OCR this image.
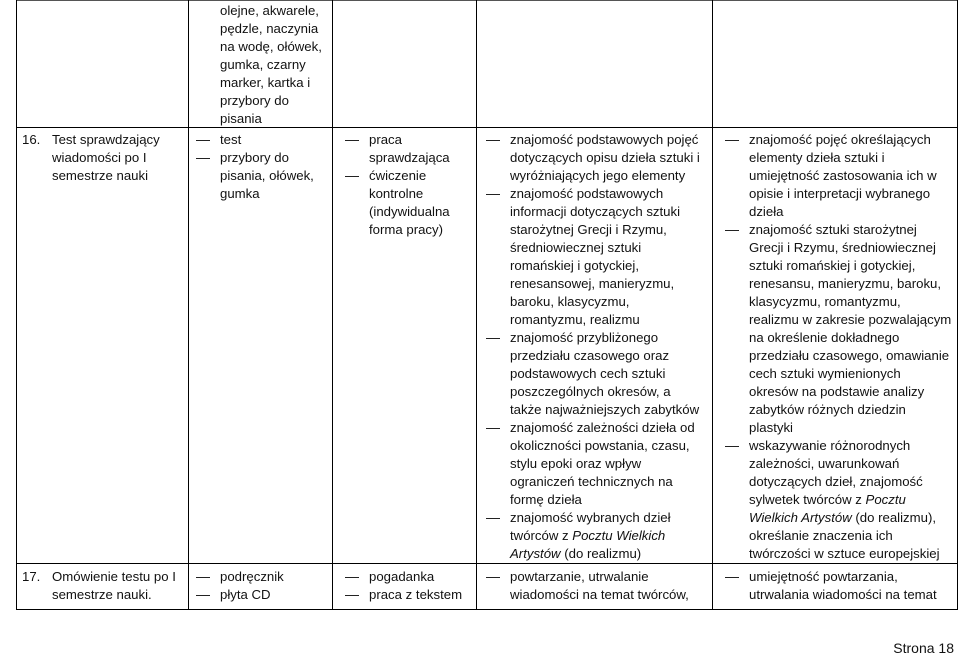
olejne, akwarele, pędzle, naczynia na wodę, ołówek, gumka, czarny marker, kartka i przybory do pisania

16. Test sprawdzający wiadomości po I semestrze nauki
test
przybory do pisania, ołówek, gumka
praca sprawdzająca
ćwiczenie kontrolne (indywidualna forma pracy)
znajomość podstawowych pojęć dotyczących opisu dzieła sztuki i wyróżniających jego elementy
znajomość podstawowych informacji dotyczących sztuki starożytnej Grecji i Rzymu, średniowiecznej sztuki romańskiej i gotyckiej, renesansowej, manieryzmu, baroku, klasycyzmu, romantyzmu, realizmu
znajomość przybliżonego przedziału czasowego oraz podstawowych cech sztuki poszczególnych okresów, a także najważniejszych zabytków
znajomość zależności dzieła od okoliczności powstania, czasu, stylu epoki oraz wpływ ograniczeń technicznych na formę dzieła
znajomość wybranych dzieł twórców z Pocztu Wielkich Artystów (do realizmu)
znajomość pojęć określających elementy dzieła sztuki i umiejętność zastosowania ich w opisie i interpretacji wybranego dzieła
znajomość sztuki starożytnej Grecji i Rzymu, średniowiecznej sztuki romańskiej i gotyckiej, renesansu, manieryzmu, baroku, klasycyzmu, romantyzmu, realizmu w zakresie pozwalającym na określenie dokładnego przedziału czasowego, omawianie cech sztuki wymienionych okresów na podstawie analizy zabytków różnych dziedzin plastyki
wskazywanie różnorodnych zależności, uwarunkowań dotyczących dzieł, znajomość sylwetek twórców z Pocztu Wielkich Artystów (do realizmu), określanie znaczenia ich twórczości w sztuce europejskiej
17. Omówienie testu po I semestrze nauki.
podręcznik
płyta CD
pogadanka
praca z tekstem
powtarzanie, utrwalanie wiadomości na temat twórców,
umiejętność powtarzania, utrwalania wiadomości na temat
Strona 18
